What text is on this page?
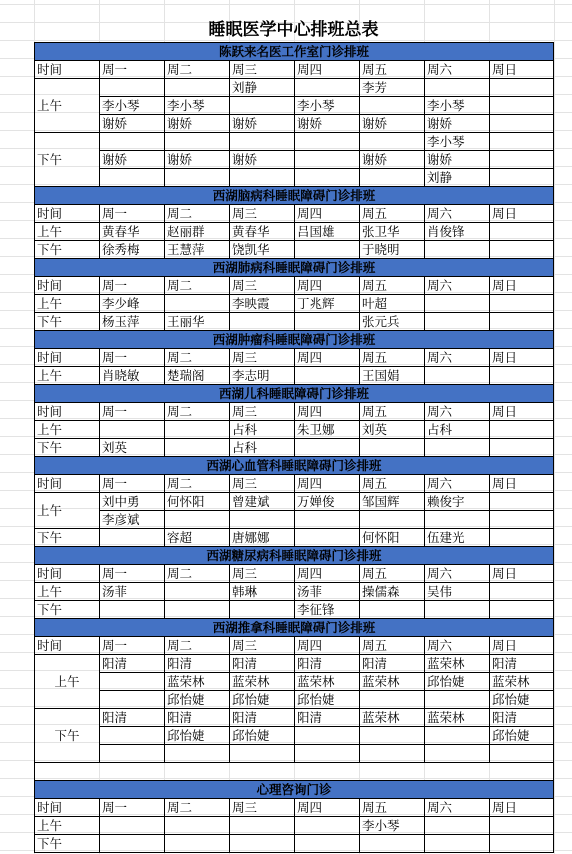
睡眠医学中心排班总表
陈跃来名医工作室门诊排班							
时间	周一	周二	周三	周四	周五	周六	周日
上午			刘静		李芳		
	李小琴	李小琴		李小琴		李小琴	
	谢娇	谢娇	谢娇	谢娇	谢娇	谢娇	
下午						李小琴	
	谢娇	谢娇	谢娇		谢娇	谢娇	
						刘静	
西湖脑病科睡眠障碍门诊排班							
时间	周一	周二	周三	周四	周五	周六	周日
上午	黄春华	赵丽群	黄春华	吕国雄	张卫华	肖俊锋	
下午	徐秀梅	王慧萍	饶凯华		于晓明		
西湖肺病科睡眠障碍门诊排班							
时间	周一	周二	周三	周四	周五	周六	周日
上午	李少峰		李映霞	丁兆辉	叶超		
下午	杨玉萍	王丽华			张元兵		
西湖肿瘤科睡眠障碍门诊排班							
时间	周一	周二	周三	周四	周五	周六	周日
上午	肖晓敏	楚瑞阁	李志明		王国娟		
西湖儿科睡眠障碍门诊排班							
时间	周一	周二	周三	周四	周五	周六	周日
上午			占科	朱卫娜	刘英	占科	
下午	刘英		占科				
西湖心血管科睡眠障碍门诊排班							
时间	周一	周二	周三	周四	周五	周六	周日
上午	刘中勇	何怀阳	曾建斌	万婵俊	邹国辉	赖俊宇	
	李彦斌						
下午		容超	唐娜娜		何怀阳	伍建光	
西湖糖尿病科睡眠障碍门诊排班							
时间	周一	周二	周三	周四	周五	周六	周日
上午	汤菲		韩琳	汤菲	操儒森	吴伟	
下午				李征锋			
西湖推拿科睡眠障碍门诊排班							
时间	周一	周二	周三	周四	周五	周六	周日
上午	阳清	阳清	阳清	阳清	阳清	蓝荣林	阳清
		蓝荣林	蓝荣林	蓝荣林	蓝荣林	邱怡婕	蓝荣林
		邱怡婕	邱怡婕	邱怡婕			邱怡婕
下午	阳清	阳清	阳清	阳清	蓝荣林	蓝荣林	阳清
		邱怡婕	邱怡婕				邱怡婕

心理咨询门诊							
时间	周一	周二	周三	周四	周五	周六	周日
上午					李小琴		
下午							
